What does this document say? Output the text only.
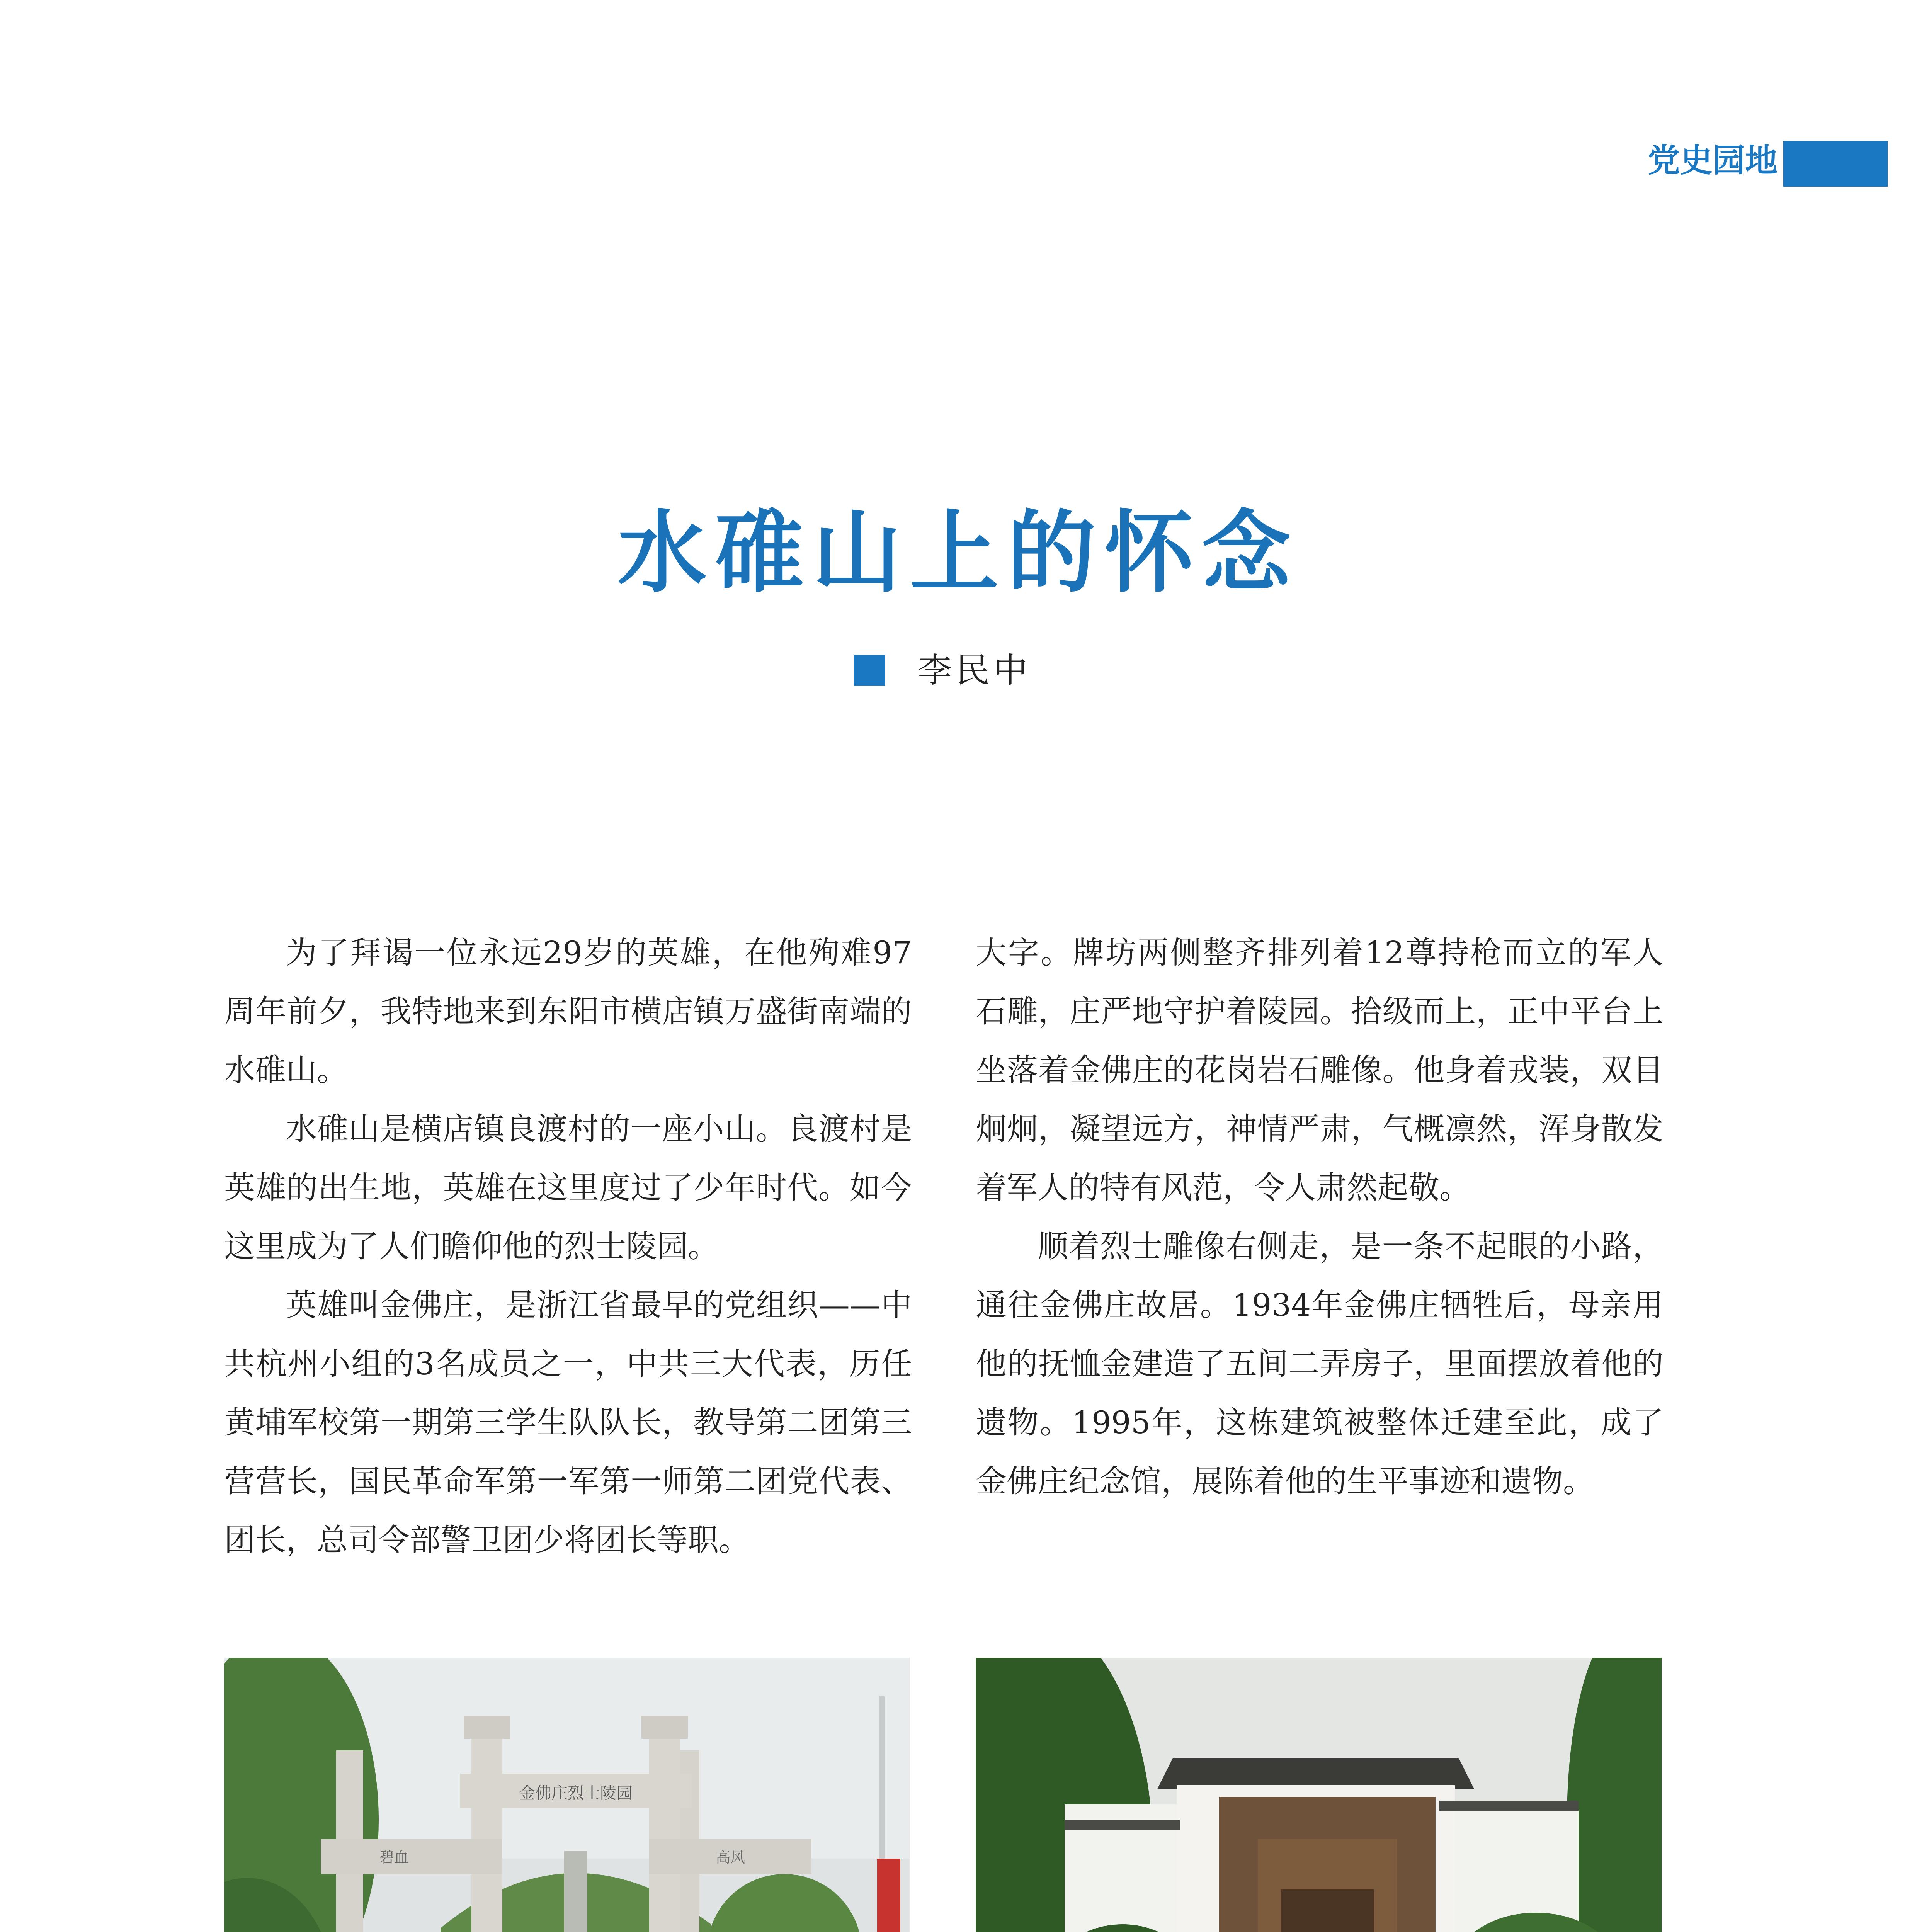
党史园地
水碓山上的怀念
李民中

为了拜谒一位永远29岁的英雄，在他殉难97周年前夕，我特地来到东阳市横店镇万盛街南端的水碓山。

水碓山是横店镇良渡村的一座小山。良渡村是英雄的出生地，英雄在这里度过了少年时代。如今这里成为了人们瞻仰他的烈士陵园。

英雄叫金佛庄，是浙江省最早的党组织——中共杭州小组的3名成员之一，中共三大代表，历任黄埔军校第一期第三学生队队长，教导第二团第三营营长，国民革命军第一军第一师第二团党代表、团长，总司令部警卫团少将团长等职。

金佛庄烈士陵园
碧血	高风

大字。牌坊两侧整齐排列着12尊持枪而立的军人石雕，庄严地守护着陵园。拾级而上，正中平台上坐落着金佛庄的花岗岩石雕像。他身着戎装，双目炯炯，凝望远方，神情严肃，气概凛然，浑身散发着军人的特有风范，令人肃然起敬。

顺着烈士雕像右侧走，是一条不起眼的小路，通往金佛庄故居。1934年金佛庄牺牲后，母亲用他的抚恤金建造了五间二弄房子，里面摆放着他的遗物。1995年，这栋建筑被整体迁建至此，成了金佛庄纪念馆，展陈着他的生平事迹和遗物。
